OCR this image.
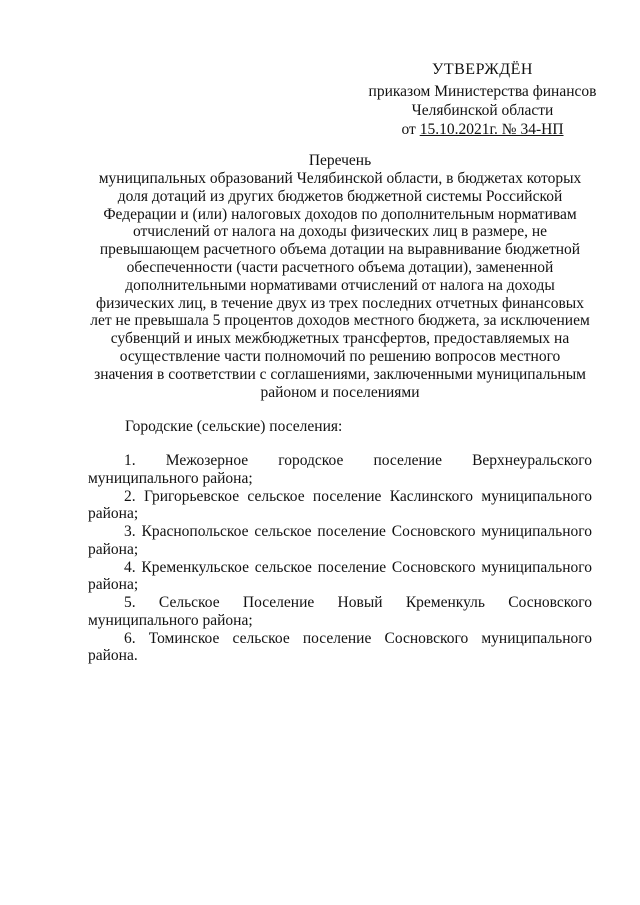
УТВЕРЖДЁН
приказом Министерства финансов
Челябинской области
от 15.10.2021г. № 34-НП
Перечень
муниципальных образований Челябинской области, в бюджетах которых доля дотаций из других бюджетов бюджетной системы Российской Федерации и (или) налоговых доходов по дополнительным нормативам отчислений от налога на доходы физических лиц в размере, не превышающем расчетного объема дотации на выравнивание бюджетной обеспеченности (части расчетного объема дотации), замененной дополнительными нормативами отчислений от налога на доходы физических лиц, в течение двух из трех последних отчетных финансовых лет не превышала 5 процентов доходов местного бюджета, за исключением субвенций и иных межбюджетных трансфертов, предоставляемых на осуществление части полномочий по решению вопросов местного значения в соответствии с соглашениями, заключенными муниципальным районом и поселениями
Городские (сельские) поселения:
1. Межозерное городское поселение Верхнеуральского
муниципального района;
2. Григорьевское сельское поселение Каслинского муниципального
района;
3. Краснопольское сельское поселение Сосновского муниципального
района;
4. Кременкульское сельское поселение Сосновского муниципального
района;
5. Сельское Поселение Новый Кременкуль Сосновского
муниципального района;
6. Томинское сельское поселение Сосновского муниципального
района.
